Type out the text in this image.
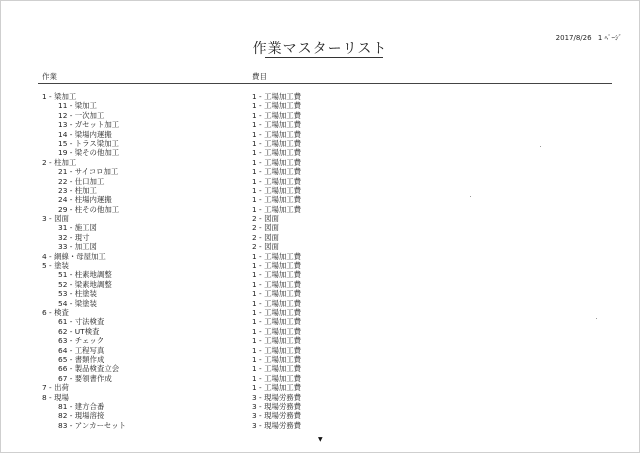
作業マスターリスト
2017/8/26 1 ﾍﾟｰｼﾞ
作業	費目
1 - 梁加工	1 - 工場加工費
11 - 梁加工	1 - 工場加工費
12 - 一次加工	1 - 工場加工費
13 - ガセット加工	1 - 工場加工費
14 - 梁場内運搬	1 - 工場加工費
15 - トラス梁加工	1 - 工場加工費
19 - 梁その他加工	1 - 工場加工費
2 - 柱加工	1 - 工場加工費
21 - サイコロ加工	1 - 工場加工費
22 - 仕口加工	1 - 工場加工費
23 - 柱加工	1 - 工場加工費
24 - 柱場内運搬	1 - 工場加工費
29 - 柱その他加工	1 - 工場加工費
3 - 図面	2 - 図面
31 - 施工図	2 - 図面
32 - 現寸	2 - 図面
33 - 加工図	2 - 図面
4 - 網線・母屋加工	1 - 工場加工費
5 - 塗装	1 - 工場加工費
51 - 柱素地調整	1 - 工場加工費
52 - 梁素地調整	1 - 工場加工費
53 - 柱塗装	1 - 工場加工費
54 - 梁塗装	1 - 工場加工費
6 - 検査	1 - 工場加工費
61 - 寸法検査	1 - 工場加工費
62 - UT検査	1 - 工場加工費
63 - チェック	1 - 工場加工費
64 - 工程写真	1 - 工場加工費
65 - 書類作成	1 - 工場加工費
66 - 製品検査立会	1 - 工場加工費
67 - 要領書作成	1 - 工場加工費
7 - 出荷	1 - 工場加工費
8 - 現場	3 - 現場労務費
81 - 建方合番	3 - 現場労務費
82 - 現場溶接	3 - 現場労務費
83 - アンカーセット	3 - 現場労務費
▼
